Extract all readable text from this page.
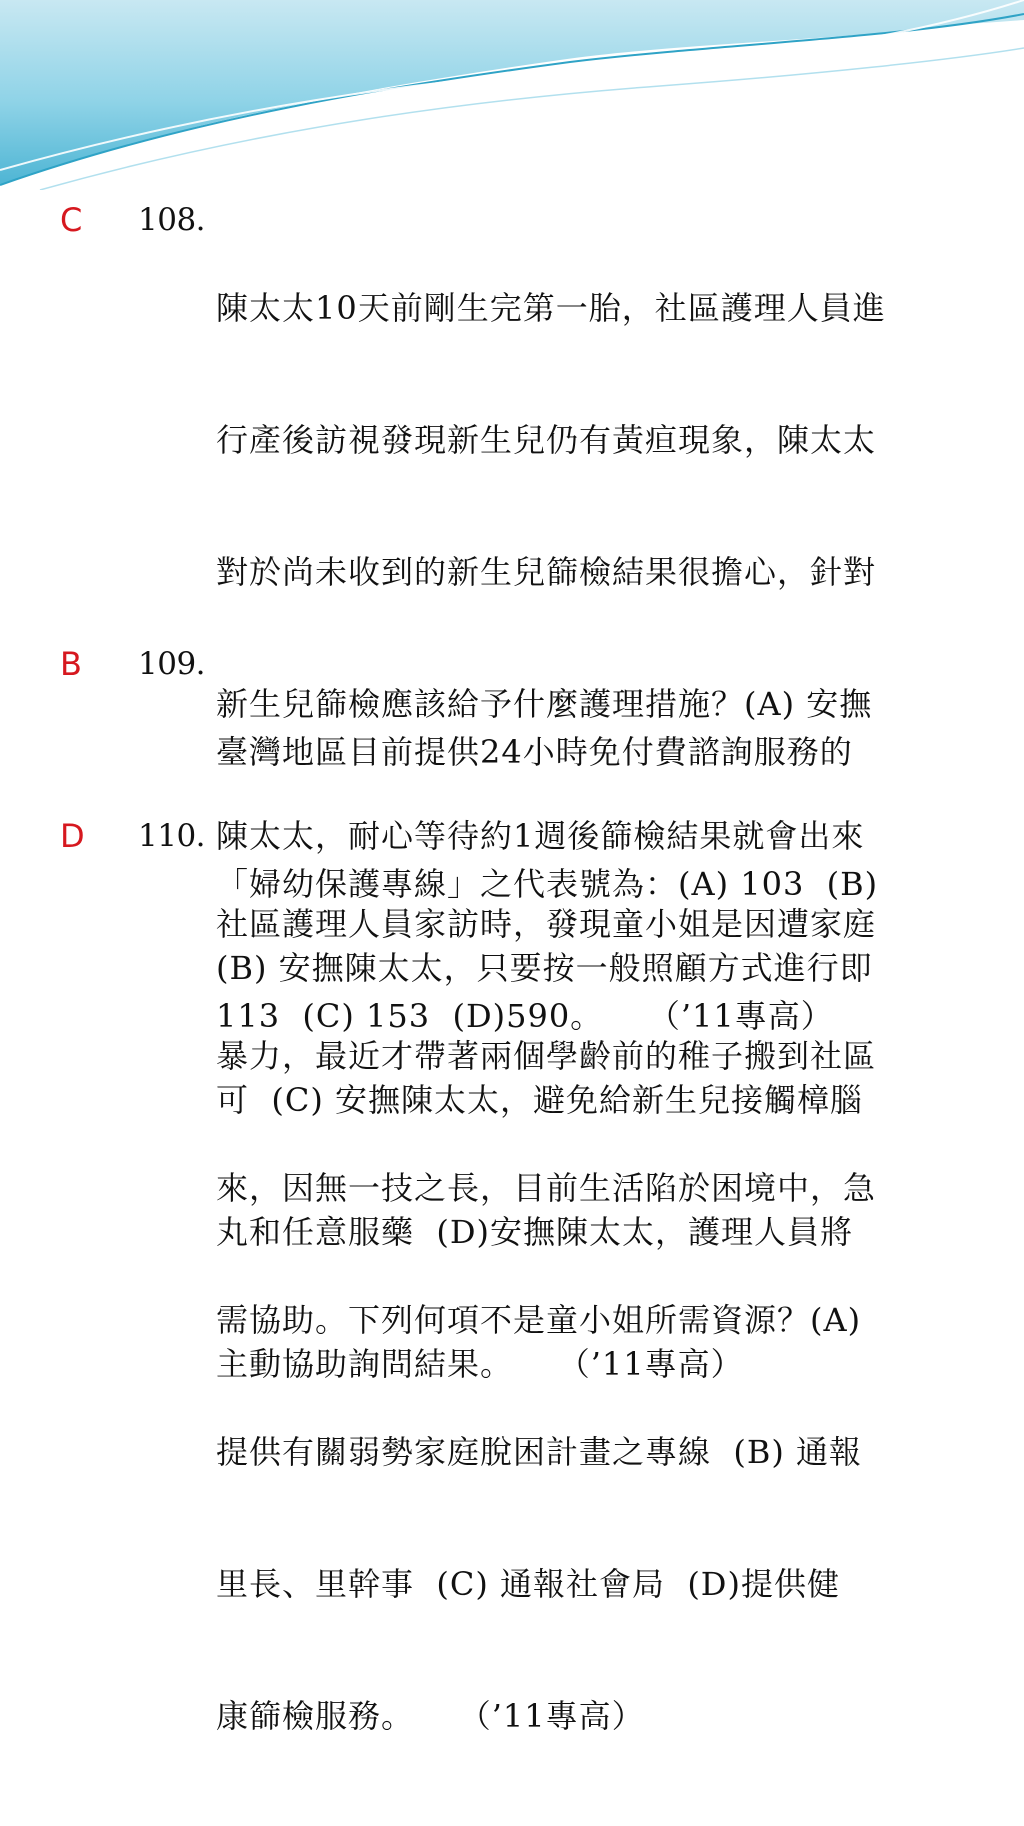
C 108.

陳太太10天前剛生完第一胎，社區護理人員進

行產後訪視發現新生兒仍有黃疸現象，陳太太

對於尚未收到的新生兒篩檢結果很擔心，針對

新生兒篩檢應該給予什麼護理措施？(A) 安撫

陳太太，耐心等待約1週後篩檢結果就會出來

(B) 安撫陳太太，只要按一般照顧方式進行即

可  (C) 安撫陳太太，避免給新生兒接觸樟腦

丸和任意服藥  (D)安撫陳太太，護理人員將

主動協助詢問結果。    （’11專高）

B 109.

臺灣地區目前提供24小時免付費諮詢服務的

「婦幼保護專線」之代表號為：(A) 103  (B)

113  (C) 153  (D)590。    （’11專高）

D 110.

社區護理人員家訪時，發現童小姐是因遭家庭

暴力，最近才帶著兩個學齡前的稚子搬到社區

來，因無一技之長，目前生活陷於困境中，急

需協助。下列何項不是童小姐所需資源？(A)

提供有關弱勢家庭脫困計畫之專線  (B) 通報

里長、里幹事  (C) 通報社會局  (D)提供健

康篩檢服務。    （’11專高）
